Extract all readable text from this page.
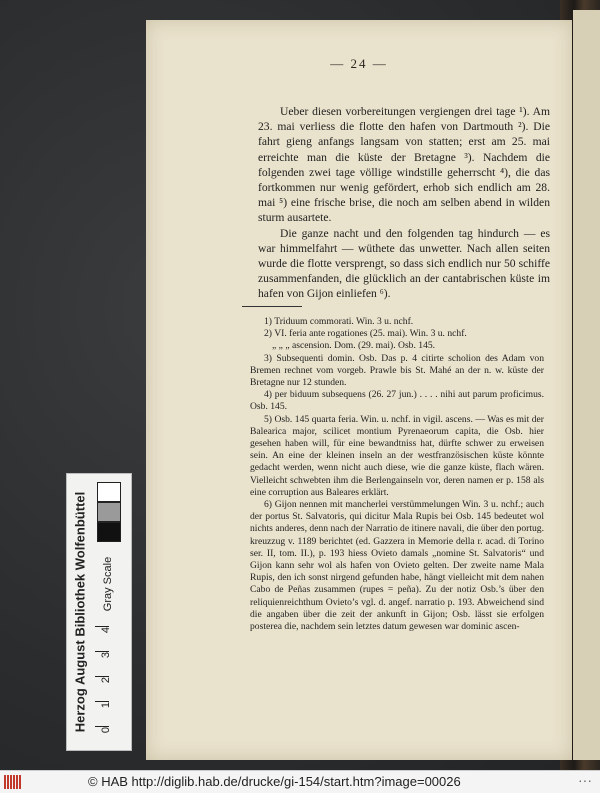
— 24 —

Ueber diesen vorbereitungen vergiengen drei tage ¹). Am 23. mai verliess die flotte den hafen von Dartmouth ²). Die fahrt gieng anfangs langsam von statten; erst am 25. mai erreichte man die küste der Bretagne ³). Nachdem die folgenden zwei tage völlige windstille geherrscht ⁴), die das fortkommen nur wenig gefördert, erhob sich endlich am 28. mai ⁵) eine frische brise, die noch am selben abend in wilden sturm ausartete.

Die ganze nacht und den folgenden tag hindurch — es war himmelfahrt — wüthete das unwetter. Nach allen seiten wurde die flotte versprengt, so dass sich endlich nur 50 schiffe zusammenfanden, die glücklich an der cantabrischen küste im hafen von Gijon einliefen ⁶).

1) Triduum commorati. Win. 3 u. nchf.

2) VI. feria ante rogationes (25. mai). Win. 3 u. nchf.

„ „ „ ascension. Dom. (29. mai). Osb. 145.

3) Subsequenti domin. Osb. Das p. 4 citirte scholion des Adam von Bremen rechnet vom vorgeb. Prawle bis St. Mahé an der n. w. küste der Bretagne nur 12 stunden.

4) per biduum subsequens (26. 27 jun.) . . . . nihi aut parum proficimus. Osb. 145.

5) Osb. 145 quarta feria. Win. u. nchf. in vigil. ascens. — Was es mit der Balearica major, scilicet montium Pyrenaeorum capita, die Osb. hier gesehen haben will, für eine bewandtniss hat, dürfte schwer zu erweisen sein. An eine der kleinen inseln an der westfranzösischen küste könnte gedacht werden, wenn nicht auch diese, wie die ganze küste, flach wären. Vielleicht schwebten ihm die Berlengainseln vor, deren namen er p. 158 als eine corruption aus Baleares erklärt.

6) Gijon nennen mit mancherlei verstümmelungen Win. 3 u. nchf.; auch der portus St. Salvatoris, qui dicitur Mala Rupis bei Osb. 145 bedeutet wol nichts anderes, denn nach der Narratio de itinere navali, die über den portug. kreuzzug v. 1189 berichtet (ed. Gazzera in Memorie della r. acad. di Torino ser. II, tom. II.), p. 193 hiess Ovieto damals „nomine St. Salvatoris“ und Gijon kann sehr wol als hafen von Ovieto gelten. Der zweite name Mala Rupis, den ich sonst nirgend gefunden habe, hängt vielleicht mit dem nahen Cabo de Peñas zusammen (rupes = peña). Zu der notiz Osb.’s über den reliquienreichthum Ovieto’s vgl. d. angef. narratio p. 193. Abweichend sind die angaben über die zeit der ankunft in Gijon; Osb. lässt sie erfolgen posterea die, nachdem sein letztes datum gewesen war dominic ascen-

Herzog August Bibliothek Wolfenbüttel Gray Scale
4
3
2
1
0
© HAB http://diglib.hab.de/drucke/gi-154/start.htm?image=00026	···
